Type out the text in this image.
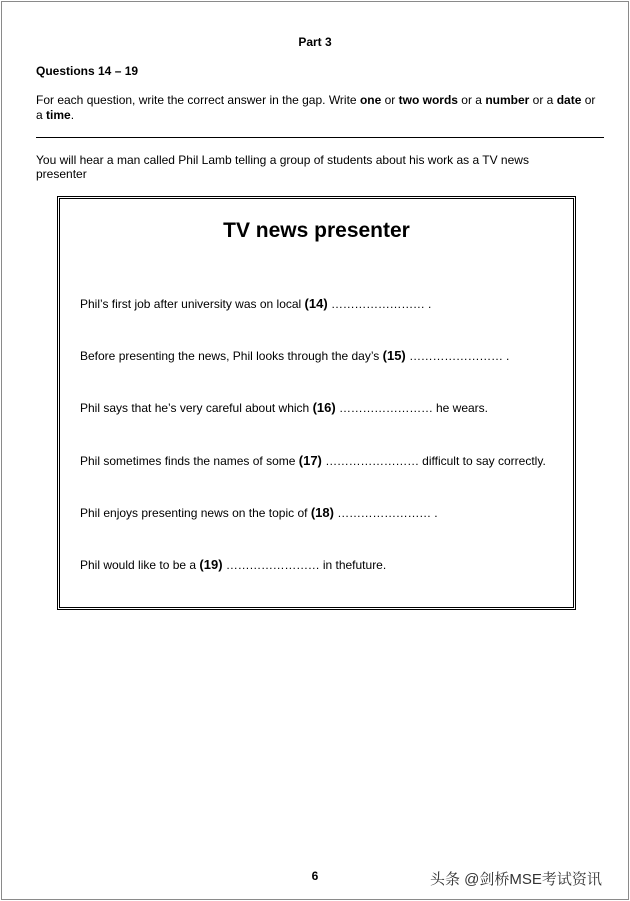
Part 3
Questions 14 – 19
For each question, write the correct answer in the gap. Write one or two words or a number or a date or a time.
You will hear a man called Phil Lamb telling a group of students about his work as a TV news presenter
TV news presenter
Phil’s first job after university was on local (14) …………………… .
Before presenting the news, Phil looks through the day’s (15) …………………… .
Phil says that he’s very careful about which (16) …………………… he wears.
Phil sometimes finds the names of some (17) …………………… difficult to say correctly.
Phil enjoys presenting news on the topic of (18) …………………… .
Phil would like to be a (19) …………………… in thefuture.
6	头条 @剑桥MSE考试资讯
